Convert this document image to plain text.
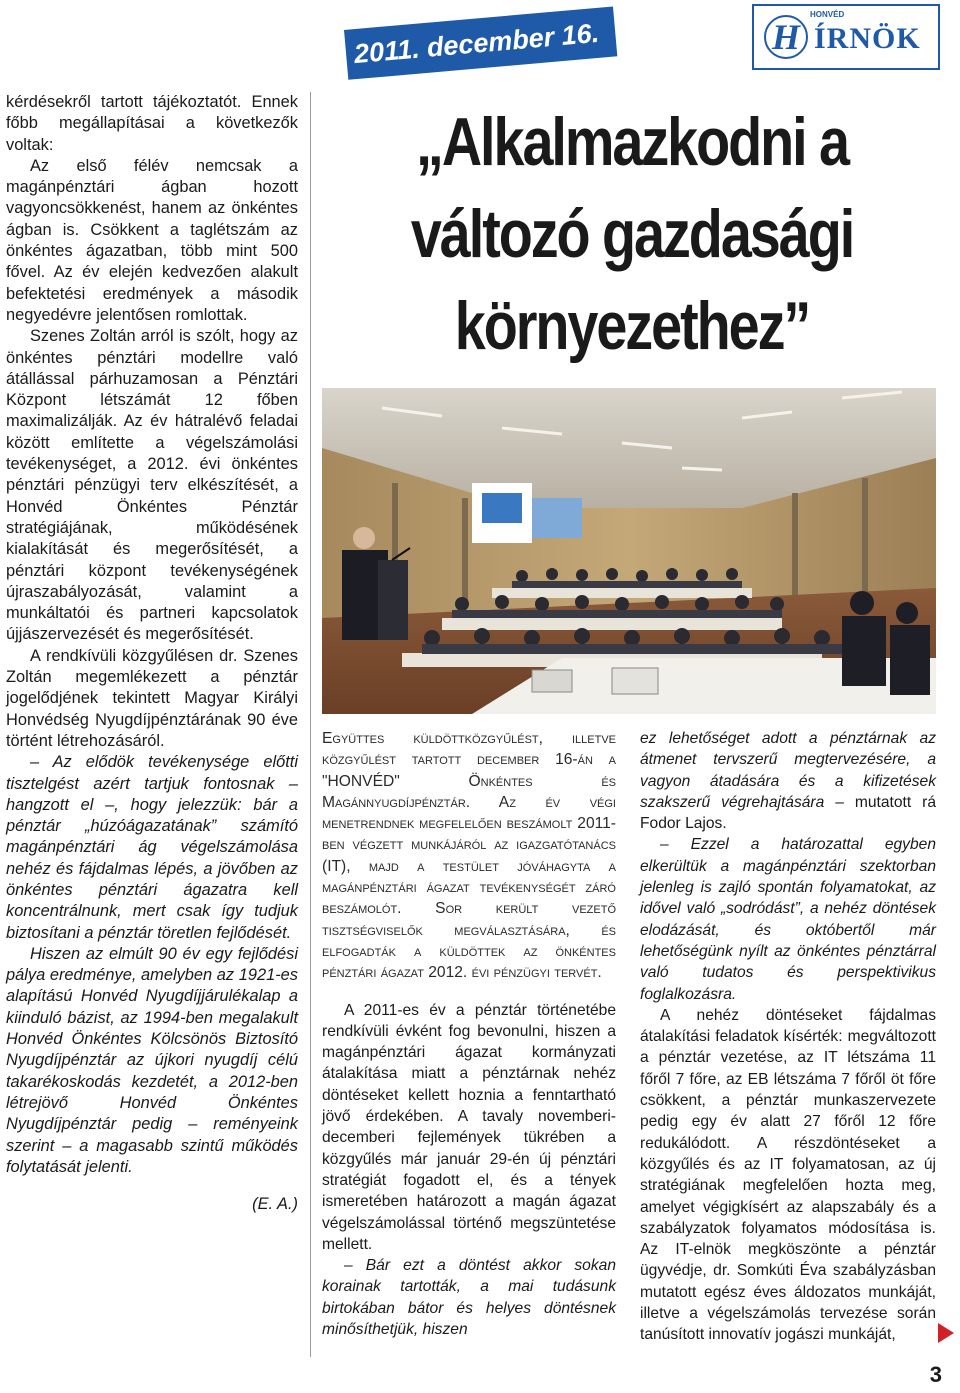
kérdésekről tartott tájékoztatót. Ennek főbb megállapításai a következők voltak:

Az első félév nemcsak a magánpénztári ágban hozott vagyoncsökkenést, hanem az önkéntes ágban is. Csökkent a taglétszám az önkéntes ágazatban, több mint 500 fővel. Az év elején kedvezően alakult befektetési eredmények a második negyedévre jelentősen romlottak.

Szenes Zoltán arról is szólt, hogy az önkéntes pénztári modellre való átállással párhuzamosan a Pénztári Központ létszámát 12 főben maximalizálják. Az év hátralévő feladai között említette a végelszámolási tevékenységet, a 2012. évi önkéntes pénztári pénzügyi terv elkészítését, a Honvéd Önkéntes Pénztár stratégiájának, működésének kialakítását és megerősítését, a pénztári központ tevékenységének újraszabályozását, valamint a munkáltatói és partneri kapcsolatok újjászervezését és megerősítését.

A rendkívüli közgyűlésen dr. Szenes Zoltán megemlékezett a pénztár jogelődjének tekintett Magyar Királyi Honvédség Nyugdíjpénztárának 90 éve történt létrehozásáról.

– Az elődök tevékenysége előtti tisztelgést azért tartjuk fontosnak – hangzott el –, hogy jelezzük: bár a pénztár „húzóágazatának” számító magánpénztári ág végelszámolása nehéz és fájdalmas lépés, a jövőben az önkéntes pénztári ágazatra kell koncentrálnunk, mert csak így tudjuk biztosítani a pénztár töretlen fejlődését.

Hiszen az elmúlt 90 év egy fejlődési pálya eredménye, amelyben az 1921-es alapítású Honvéd Nyugdíjjárulékalap a kiinduló bázist, az 1994-ben megalakult Honvéd Önkéntes Kölcsönös Biztosító Nyugdíjpénztár az újkori nyugdíj célú takarékoskodás kezdetét, a 2012-ben létrejövő Honvéd Önkéntes Nyugdíjpénztár pedig – reményeink szerint – a magasabb szintű működés folytatását jelenti.

(E. A.)

2011. december 16.	H
HONVÉD
ÍRNÖK
„Alkalmazkodni a
változó gazdasági
környezethez”

Együttes küldöttközgyűlést, illetve közgyűlést tartott december 16-án a "HONVÉD" Önkéntes és Magánnyugdíjpénztár. Az év végi menetrendnek megfelelően beszámolt 2011-ben végzett munkájáról az igazgatótanács (IT), majd a testület jóváhagyta a magánpénztári ágazat tevékenységét záró beszámolót. Sor került vezető tisztségviselők megválasztására, és elfogadták a küldöttek az önkéntes pénztári ágazat 2012. évi pénzügyi tervét.

A 2011-es év a pénztár történetébe rendkívüli évként fog bevonulni, hiszen a magánpénztári ágazat kormányzati átalakítása miatt a pénztárnak nehéz döntéseket kellett hoznia a fenntartható jövő érdekében. A tavaly novemberi-decemberi fejlemények tükrében a közgyűlés már január 29-én új pénztári stratégiát fogadott el, és a tények ismeretében határozott a magán ágazat végelszámolással történő megszüntetése mellett.

– Bár ezt a döntést akkor sokan korainak tartották, a mai tudásunk birtokában bátor és helyes döntésnek minősíthetjük, hiszen

ez lehetőséget adott a pénztárnak az átmenet tervszerű megtervezésére, a vagyon átadására és a kifizetések szakszerű végrehajtására – mutatott rá Fodor Lajos.

– Ezzel a határozattal egyben elkerültük a magánpénztári szektorban jelenleg is zajló spontán folyamatokat, az idővel való „sodródást”, a nehéz döntések elodázását, és októbertől már lehetőségünk nyílt az önkéntes pénztárral való tudatos és perspektivikus foglalkozásra.

A nehéz döntéseket fájdalmas átalakítási feladatok kísérték: megváltozott a pénztár vezetése, az IT létszáma 11 főről 7 főre, az EB létszáma 7 főről öt főre csökkent, a pénztár munkaszervezete pedig egy év alatt 27 főről 12 főre redukálódott. A részdöntéseket a közgyűlés és az IT folyamatosan, az új stratégiának megfelelően hozta meg, amelyet végigkísért az alapszabály és a szabályzatok folyamatos módosítása is. Az IT-elnök megköszönte a pénztár ügyvédje, dr. Somkúti Éva szabályzásban mutatott egész éves áldozatos munkáját, illetve a végelszámolás tervezése során tanúsított innovatív jogászi munkáját,

3
